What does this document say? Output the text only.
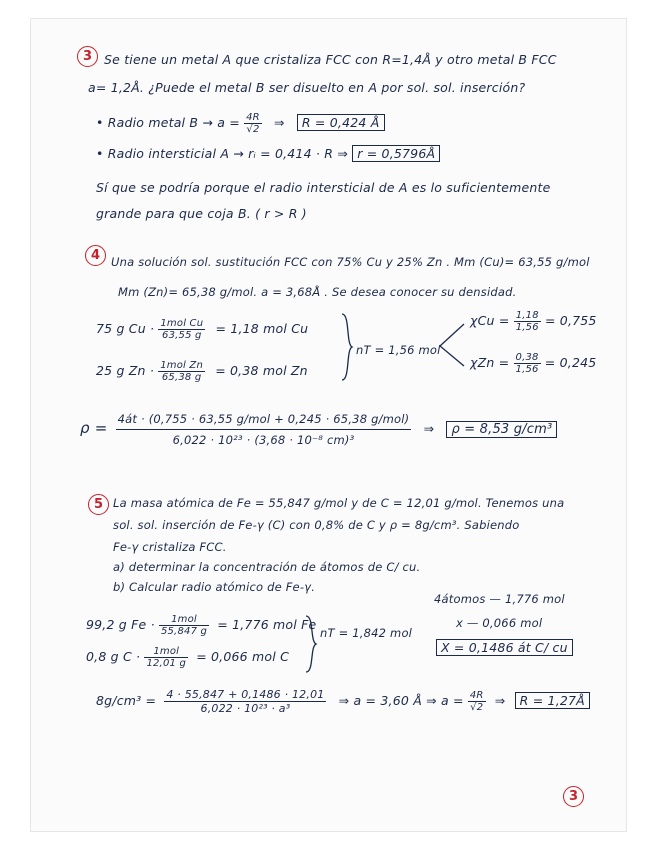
3 Se tiene un metal A que cristaliza FCC con R=1,4Å y otro metal B FCC
a= 1,2Å. ¿Puede el metal B ser disuelto en A por sol. sol. inserción?
• Radio metal $B \to a = \frac{4R}{√2}$ ⇒ R = 0,424 Å
• Radio intersticial A → rᵢ = 0,414 · R ⇒ r = 0,5796Å
Sí que se podría porque el radio intersticial de A es lo suficientemente
grande para que coja B. ( r > R )
4 Una solución sol. sustitución FCC con 75% Cu y 25% Zn . Mm (Cu)= 63,55 g/mol
Mm (Zn)= 65,38 g/mol. a = 3,68Å . Se desea conocer su densidad.
75 g $Cu \cdot \frac{\text{1mol Cu}}{63,55 g} = 1,18$ mol Cu
25 g $Zn \cdot \frac{\text{1mol Zn}}{65,38 g} = 0,38$ mol Zn
nT = 1,56 mol
$\chi Cu = \frac{1,18}{1,56} = 0,755$
$\chi Zn = \frac{0,38}{1,56} = 0,245$
$\rho = \frac{\text{4át · (0,755 · 63,55 g/mol + 0,245 · 65,38 g/mol)}}{\text{6,022 · 10²³ · (3,68 · 10⁻⁸ cm)³}}$ ⇒ ρ = 8,53 g/cm³
5 La masa atómica de Fe = 55,847 g/mol y de C = 12,01 g/mol. Tenemos una
sol. sol. inserción de Fe-γ (C) con 0,8% de C y ρ = 8g/cm³. Sabiendo
Fe-γ cristaliza FCC.
a) determinar la concentración de átomos de C/ cu.
b) Calcular radio atómico de Fe-γ.
99,2 g $Fe \cdot \frac{\text{1mol}}{55,847 g} = 1,776$ mol Fe
0,8 g $C \cdot \frac{\text{1mol}}{12,01 g} = 0,066$ mol C
nT = 1,842 mol
4átomos — 1,776 mol
x — 0,066 mol
X = 0,1486 át C/ cu
$8g/cm^3 = \frac{4 \cdot 55,847 + 0,1486 \cdot 12,01}{\text{6,022 · 10²³ · a³}}$ ⇒ a = 3,60 Å ⇒ $a = \frac{4R}{√2}$ ⇒ R = 1,27Å
3
